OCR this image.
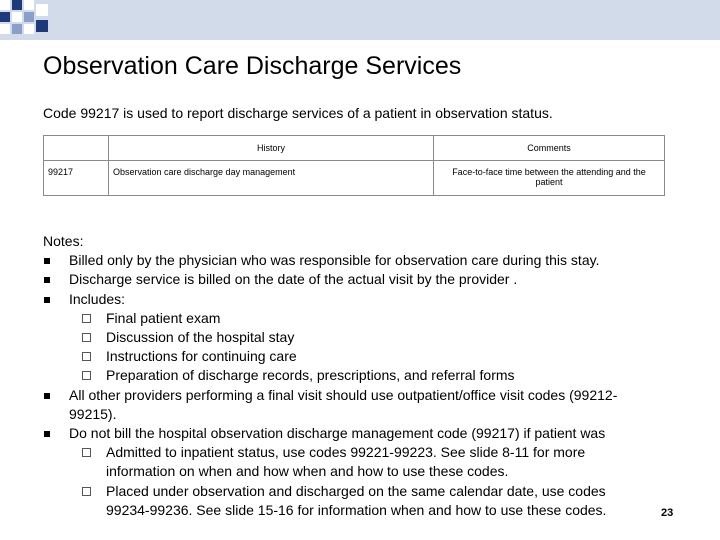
Observation Care Discharge Services
Code 99217 is used to report discharge services of a patient in observation status.
	History	Comments
99217	Observation care discharge day management	Face-to-face time between the attending and the patient
Notes:
Billed only by the physician who was responsible for observation care during this stay.
Discharge service is billed on the date of the actual visit by the provider .
Includes:
Final patient exam
Discussion of the hospital stay
Instructions for continuing care
Preparation of discharge records, prescriptions, and referral forms
All other providers performing a final visit should use outpatient/office visit codes (99212-
99215).
Do not bill the hospital observation discharge management code (99217) if patient was
Admitted to inpatient status, use codes 99221-99223. See slide 8-11 for more
information on when and how when and how to use these codes.
Placed under observation and discharged on the same calendar date, use codes
99234-99236. See slide 15-16 for information when and how to use these codes.	23
